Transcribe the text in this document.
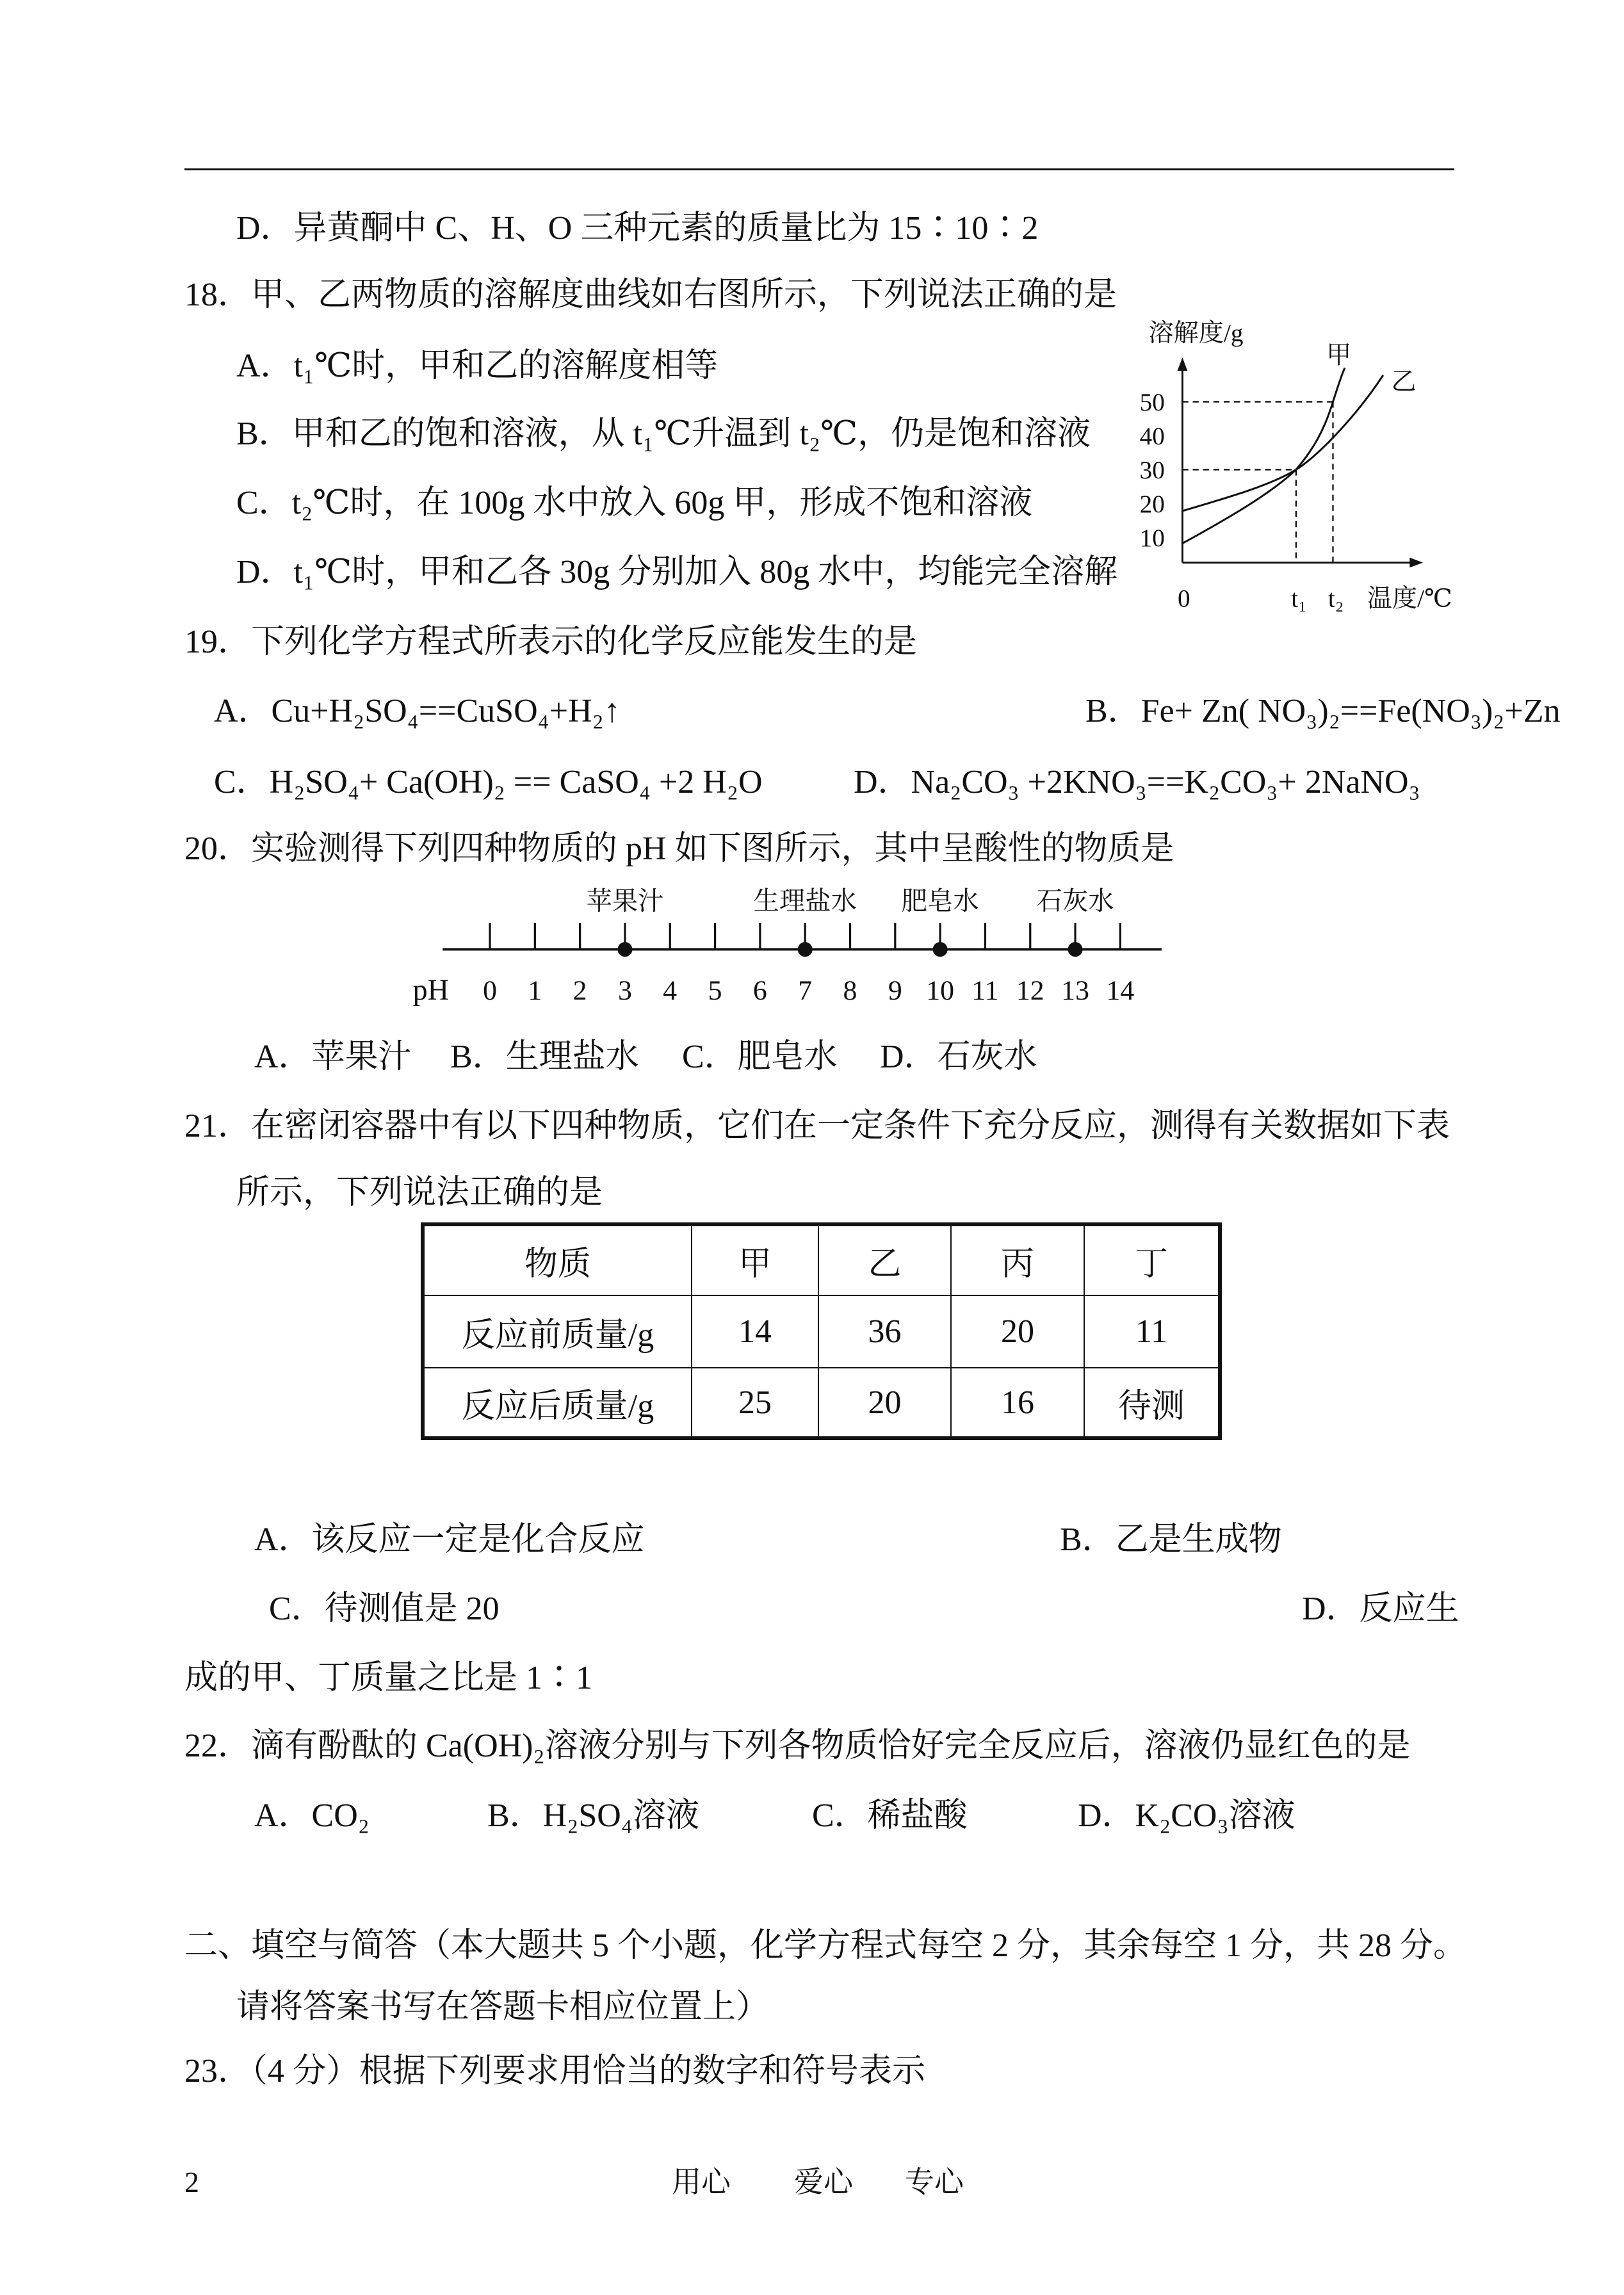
D．异黄酮中 C、H、O 三种元素的质量比为 15∶10∶2
18．甲、乙两物质的溶解度曲线如右图所示，下列说法正确的是
A．t₁℃时，甲和乙的溶解度相等
B．甲和乙的饱和溶液，从 t₁℃升温到 t₂℃，仍是饱和溶液
C．t₂℃时，在 100g 水中放入 60g 甲，形成不饱和溶液
D．t₁℃时，甲和乙各 30g 分别加入 80g 水中，均能完全溶解
溶解度/g
50
40
30
20
10
甲
乙
0	t₁ t₂ 温度/℃
19．下列化学方程式所表示的化学反应能发生的是
A．Cu+H₂SO₄==CuSO₄+H₂↑	B．Fe+ Zn( NO₃)₂==Fe(NO₃)₂+Zn
C．H₂SO₄+ Ca(OH)₂ == CaSO₄ +2 H₂O	D．Na₂CO₃ +2KNO₃==K₂CO₃+ 2NaNO₃
20．实验测得下列四种物质的 pH 如下图所示，其中呈酸性的物质是
pH	0	1	2	3	4	5	6	7	8	9 10 11 12 13 14
苹果汁	生理盐水	肥皂水	石灰水
A．苹果汁 B．生理盐水 C．肥皂水 D．石灰水
21．在密闭容器中有以下四种物质，它们在一定条件下充分反应，测得有关数据如下表
所示，下列说法正确的是
物质	甲	乙	丙	丁
反应前质量/g	14	36	20	11
反应后质量/g	25	20	16	待测
A．该反应一定是化合反应	B．乙是生成物
C．待测值是 20	D．反应生
成的甲、丁质量之比是 1∶1
22．滴有酚酞的 Ca(OH)₂溶液分别与下列各物质恰好完全反应后，溶液仍显红色的是
A．CO₂	B．H₂SO₄溶液	C．稀盐酸	D．K₂CO₃溶液
二、填空与简答（本大题共 5 个小题，化学方程式每空 2 分，其余每空 1 分，共 28 分。
请将答案书写在答题卡相应位置上）
23．（4 分）根据下列要求用恰当的数字和符号表示
2	用心 爱心 专心
